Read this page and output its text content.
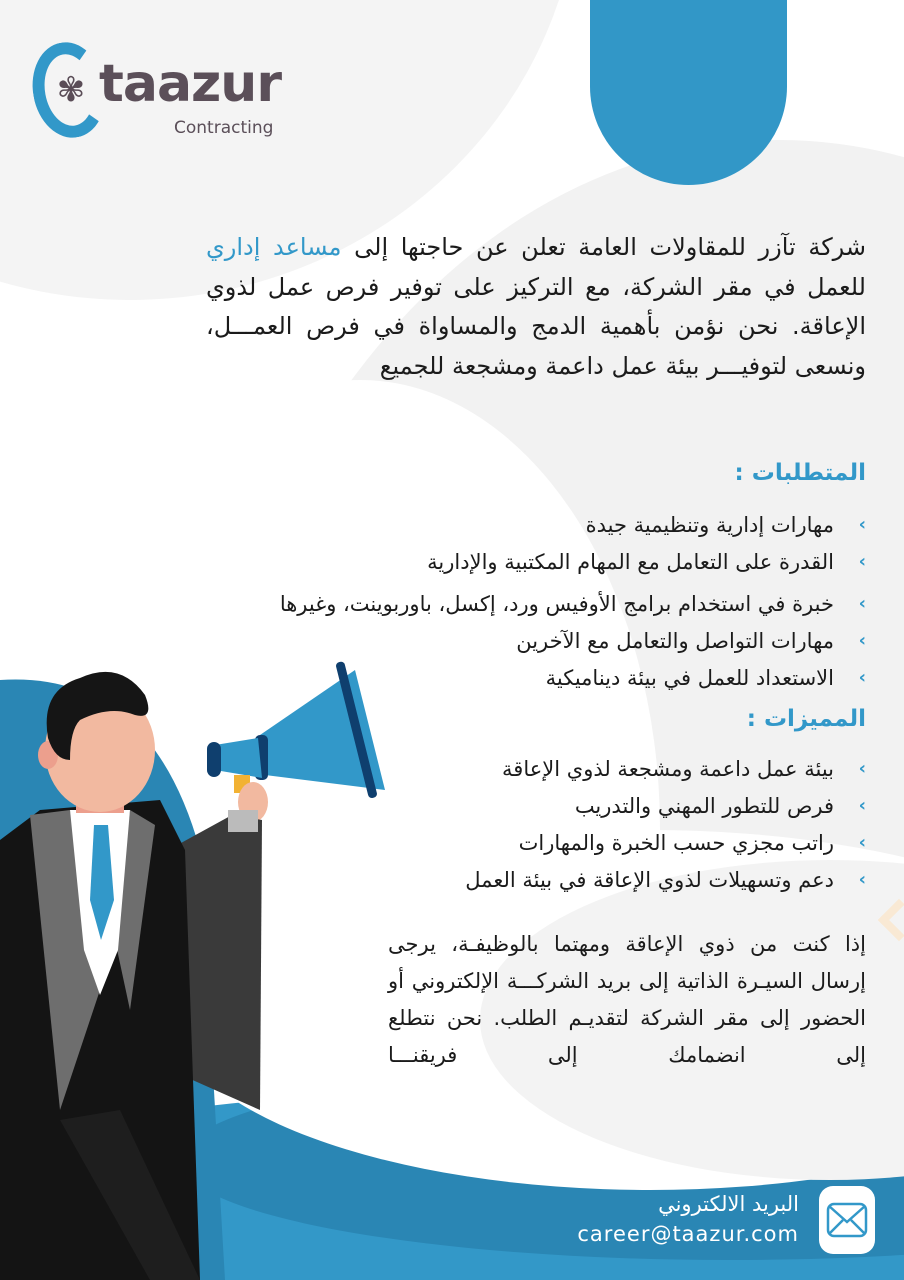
✾ taazur
Contracting

شركة تآزر للمقاولات العامة تعلن عن حاجتها إلى مساعد إداري للعمل في مقر الشركة، مع التركيز على توفير فرص عمل لذوي الإعاقة. نحن نؤمن بأهمية الدمج والمساواة في فرص العمـــل، ونسعى لتوفيـــر بيئة عمل داعمة ومشجعة للجميع

المتطلبات :
›
مهارات إدارية وتنظيمية جيدة
›
القدرة على التعامل مع المهام المكتبية والإدارية
›
خبرة في استخدام برامج الأوفيس ورد، إكسل، باوربوينت، وغيرها
›
مهارات التواصل والتعامل مع الآخرين
›
الاستعداد للعمل في بيئة ديناميكية
المميزات :
›
بيئة عمل داعمة ومشجعة لذوي الإعاقة
›
فرص للتطور المهني والتدريب
›
راتب مجزي حسب الخبرة والمهارات
›
دعم وتسهيلات لذوي الإعاقة في بيئة العمل

إذا كنت من ذوي الإعاقة ومهتما بالوظيفـة، يرجى إرسال السيـرة الذاتية إلى بريد الشركـــة الإلكتروني أو الحضور إلى مقر الشركة لتقديـم الطلب. نحن نتطلع إلى انضمامك إلى فريقنـــا

البريد الالكتروني
career@taazur.com
